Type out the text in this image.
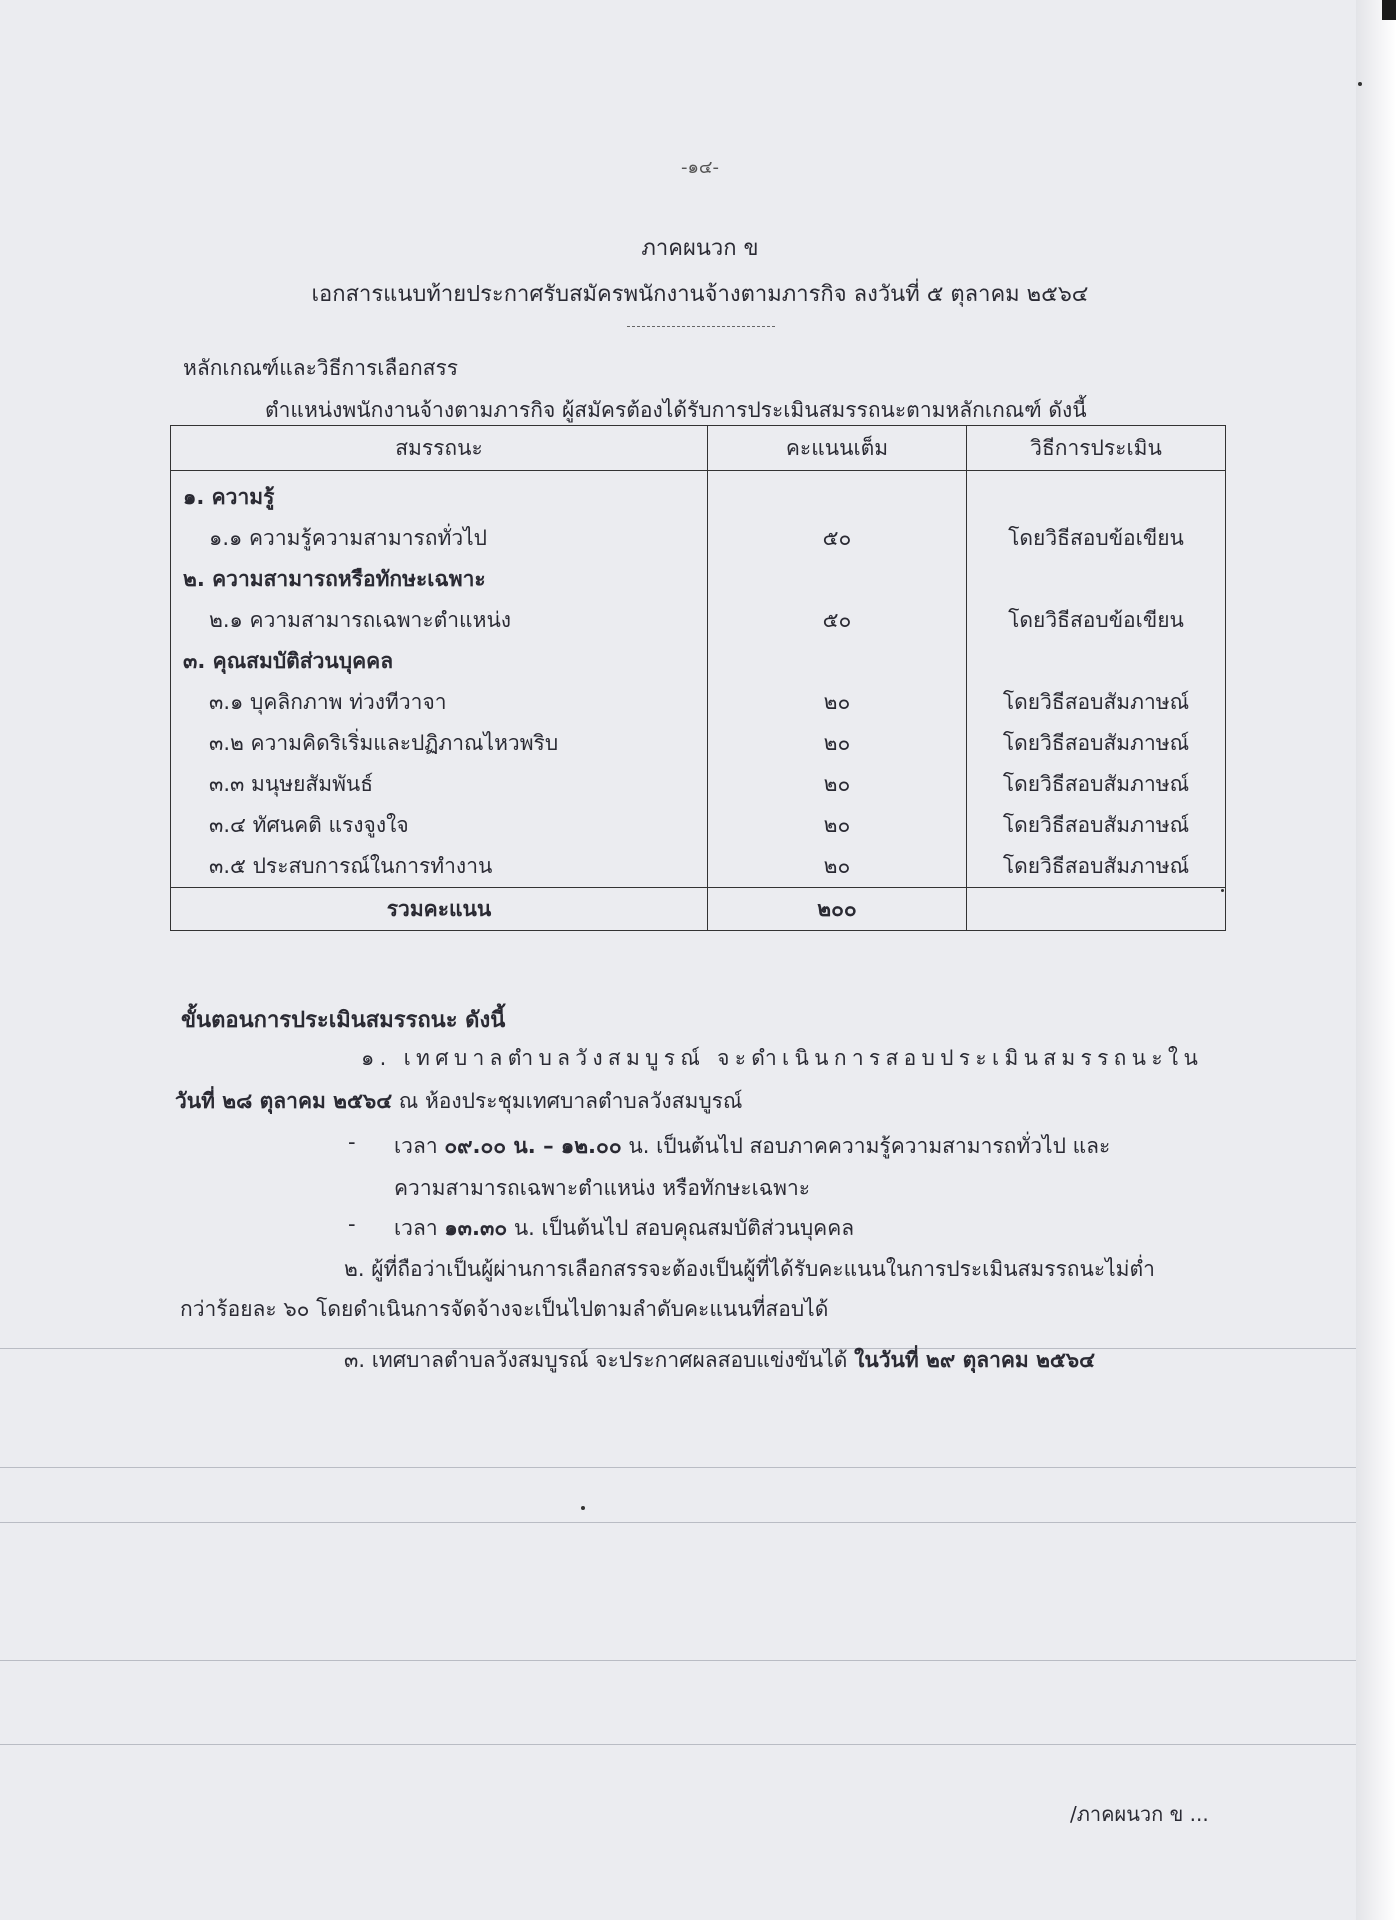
-๑๔-
ภาคผนวก ข
เอกสารแนบท้ายประกาศรับสมัครพนักงานจ้างตามภารกิจ ลงวันที่ ๕ ตุลาคม ๒๕๖๔
หลักเกณฑ์และวิธีการเลือกสรร
ตำแหน่งพนักงานจ้างตามภารกิจ ผู้สมัครต้องได้รับการประเมินสมรรถนะตามหลักเกณฑ์ ดังนี้
สมรรถนะ	คะแนนเต็ม	วิธีการประเมิน
๑. ความรู้		
๑.๑ ความรู้ความสามารถทั่วไป	๕๐	โดยวิธีสอบข้อเขียน
๒. ความสามารถหรือทักษะเฉพาะ		
๒.๑ ความสามารถเฉพาะตำแหน่ง	๕๐	โดยวิธีสอบข้อเขียน
๓. คุณสมบัติส่วนบุคคล		
๓.๑ บุคลิกภาพ ท่วงทีวาจา	๒๐	โดยวิธีสอบสัมภาษณ์
๓.๒ ความคิดริเริ่มและปฏิภาณไหวพริบ	๒๐	โดยวิธีสอบสัมภาษณ์
๓.๓ มนุษยสัมพันธ์	๒๐	โดยวิธีสอบสัมภาษณ์
๓.๔ ทัศนคติ แรงจูงใจ	๒๐	โดยวิธีสอบสัมภาษณ์
๓.๕ ประสบการณ์ในการทำงาน	๒๐	โดยวิธีสอบสัมภาษณ์
รวมคะแนน	๒๐๐	
ขั้นตอนการประเมินสมรรถนะ ดังนี้
๑. เทศบาลตำบลวังสมบูรณ์ จะดำเนินการสอบประเมินสมรรถนะใน
วันที่ ๒๘ ตุลาคม ๒๕๖๔ ณ ห้องประชุมเทศบาลตำบลวังสมบูรณ์
- เวลา ๐๙.๐๐ น. – ๑๒.๐๐ น. เป็นต้นไป สอบภาคความรู้ความสามารถทั่วไป และ
ความสามารถเฉพาะตำแหน่ง หรือทักษะเฉพาะ
- เวลา ๑๓.๓๐ น. เป็นต้นไป สอบคุณสมบัติส่วนบุคคล
๒. ผู้ที่ถือว่าเป็นผู้ผ่านการเลือกสรรจะต้องเป็นผู้ที่ได้รับคะแนนในการประเมินสมรรถนะไม่ต่ำ
กว่าร้อยละ ๖๐ โดยดำเนินการจัดจ้างจะเป็นไปตามลำดับคะแนนที่สอบได้
๓. เทศบาลตำบลวังสมบูรณ์ จะประกาศผลสอบแข่งขันได้ ในวันที่ ๒๙ ตุลาคม ๒๕๖๔
/ภาคผนวก ข ...
